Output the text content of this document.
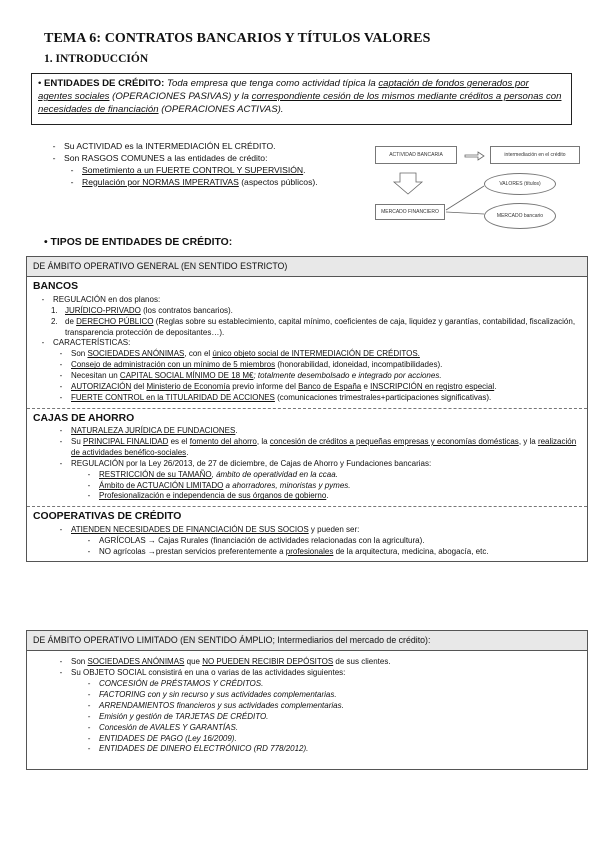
TEMA 6: CONTRATOS BANCARIOS Y TÍTULOS VALORES
1. INTRODUCCIÓN
• ENTIDADES DE CRÉDITO: Toda empresa que tenga como actividad típica la captación de fondos generados por agentes sociales (OPERACIONES PASIVAS) y la correspondiente cesión de los mismos mediante créditos a personas con necesidades de financiación (OPERACIONES ACTIVAS).
- Su ACTIVIDAD es la INTERMEDIACIÓN EL CRÉDITO.
- Son RASGOS COMUNES a las entidades de crédito:
- Sometimiento a un FUERTE CONTROL Y SUPERVISIÓN.
- Regulación por NORMAS IMPERATIVAS (aspectos públicos).
ACTIVIDAD BANCARIA	intermediación en el crédito
MERCADO FINANCIERO
VALORES (títulos)
MERCADO bancario
• TIPOS DE ENTIDADES DE CRÉDITO:
DE ÁMBITO OPERATIVO GENERAL (EN SENTIDO ESTRICTO)
BANCOS
-	REGULACIÓN en dos planos:
1. JURÍDICO-PRIVADO (los contratos bancarios).
2. de DERECHO PÚBLICO (Reglas sobre su establecimiento, capital mínimo, coeficientes de caja, liquidez y garantías, contabilidad, fiscalización, transparencia protección de depositantes…).
-	CARACTERÍSTICAS:
-	Son SOCIEDADES ANÓNIMAS, con el único objeto social de INTERMEDIACIÓN DE CRÉDITOS.
-	Consejo de administración con un mínimo de 5 miembros (honorabilidad, idoneidad, incompatibilidades).
-	Necesitan un CAPITAL SOCIAL MÍNIMO DE 18 M€; totalmente desembolsado e integrado por acciones.
-	AUTORIZACIÓN del Ministerio de Economía previo informe del Banco de España e INSCRIPCIÓN en registro especial.
-	FUERTE CONTROL en la TITULARIDAD DE ACCIONES (comunicaciones trimestrales+participaciones significativas).
CAJAS DE AHORRO
-	NATURALEZA JURÍDICA DE FUNDACIONES.
-	Su PRINCIPAL FINALIDAD es el fomento del ahorro, la concesión de créditos a pequeñas empresas y economías domésticas, y la realización de actividades benéfico-sociales.
-	REGULACIÓN por la Ley 26/2013, de 27 de diciembre, de Cajas de Ahorro y Fundaciones bancarias:
-	RESTRICCIÓN de su TAMAÑO, ámbito de operatividad en la ccaa.
-	Ámbito de ACTUACIÓN LIMITADO a ahorradores, minoristas y pymes.
-	Profesionalización e independencia de sus órganos de gobierno.
COOPERATIVAS DE CRÉDITO
-	ATIENDEN NECESIDADES DE FINANCIACIÓN DE SUS SOCIOS y pueden ser:
-	AGRÍCOLAS → Cajas Rurales (financiación de actividades relacionadas con la agricultura).
-	NO agrícolas →prestan servicios preferentemente a profesionales de la arquitectura, medicina, abogacía, etc.
DE ÁMBITO OPERATIVO LIMITADO (EN SENTIDO ÁMPLIO; Intermediarios del mercado de crédito):
-	Son SOCIEDADES ANÓNIMAS que NO PUEDEN RECIBIR DEPÓSITOS de sus clientes.
-	Su OBJETO SOCIAL consistirá en una o varias de las actividades siguientes:
-	CONCESIÓN de PRÉSTAMOS Y CRÉDITOS.
-	FACTORING con y sin recurso y sus actividades complementarias.
-	ARRENDAMIENTOS financieros y sus actividades complementarias.
-	Emisión y gestión de TARJETAS DE CRÉDITO.
-	Concesión de AVALES Y GARANTÍAS.
-	ENTIDADES DE PAGO (Ley 16/2009).
-	ENTIDADES DE DINERO ELECTRÓNICO (RD 778/2012).
